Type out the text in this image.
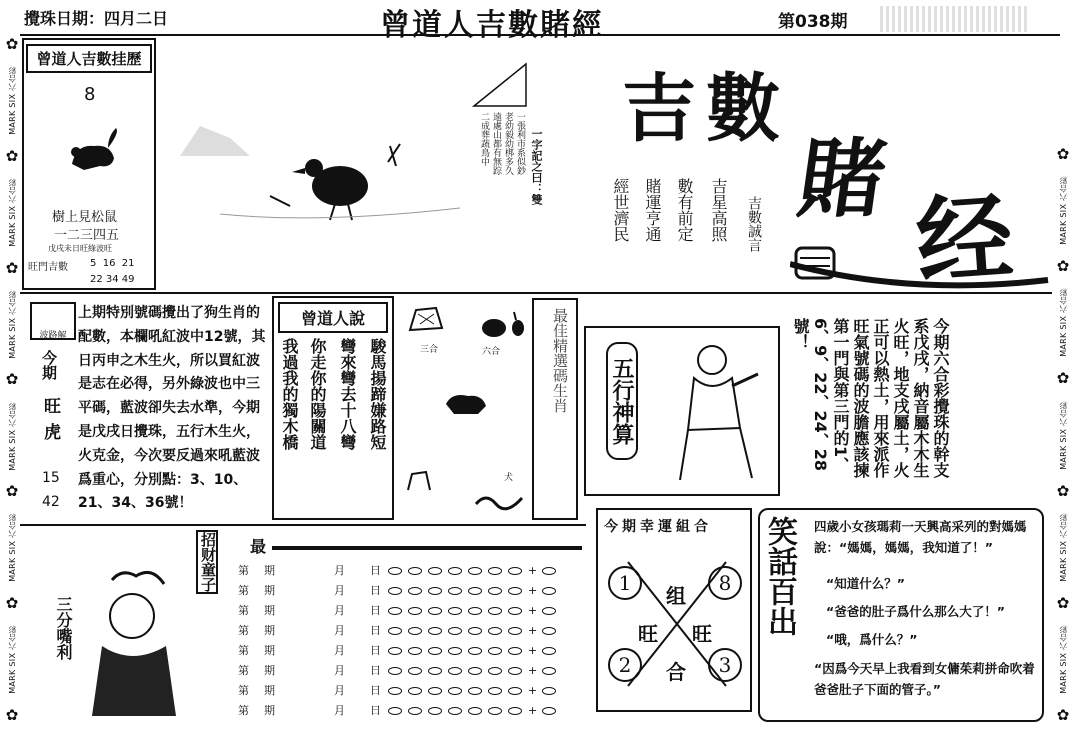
攪珠日期：四月二日	曾道人吉數賭經	第038期
✿
MARK SIX 六合彩
✿
MARK SIX 六合彩
✿
MARK SIX 六合彩
✿
MARK SIX 六合彩
✿
MARK SIX 六合彩
✿
MARK SIX 六合彩
✿
✿
MARK SIX 六合彩
✿
MARK SIX 六合彩
✿
MARK SIX 六合彩
✿
MARK SIX 六合彩
✿
MARK SIX 六合彩
✿
曾道人吉數挂歷
8
樹上見松鼠
一二三四五
戊戌未日旺綠波旺
旺門吉數 5  16  21
22 34 49
一張利市系似鈔
老幼毅幼梆多久
遠處山都有無踪
二成葬蔬鳥中	一字記之曰：雙
吉數
賭
经
吉星高照
數有前定
賭運亨通
經世濟民	吉數誠言
波路解
今期
旺
虎
15
42
上期特別號碼攪出了狗生肖的配數，本欄吼紅波中12號，其日丙申之木生火，所以買紅波是志在必得，另外綠波也中三平碼，藍波卻失去水準，今期是戊戌日攪珠，五行木生火，火克金，今次要反過來吼藍波爲重心，分別點：3、10、21、34、36號！
曾道人說
駿馬揚蹄嫌路短
彎來彎去十八彎
你走你的陽關道
我過我的獨木橋	三合	六合
犬
最佳精選碼生肖 五行神算	今期六合彩攪珠的幹支系戊戌，納音屬木木生火旺，地支戌屬土，火正可以熱土，用來派作旺氣號碼的波膽應該揀第一門與第三門的1、6、9、22、24、28號！
招财童子
三分嘴利
最
第 期	月 日	+
第 期	月 日	+
第 期	月 日	+
第 期	月 日	+
第 期	月 日	+
第 期	月 日	+
第 期	月 日	+
第 期	月 日	+
今期幸運組合
1	8
2	3
组
旺 旺
合
笑話百出	四歲小女孩瑪莉一天興高采列的對媽媽說：“媽媽，媽媽，我知道了！”
“知道什么？”
“爸爸的肚子爲什么那么大了！”
“哦，爲什么？”
“因爲今天早上我看到女傭茱莉拼命吹着爸爸肚子下面的管子。”
